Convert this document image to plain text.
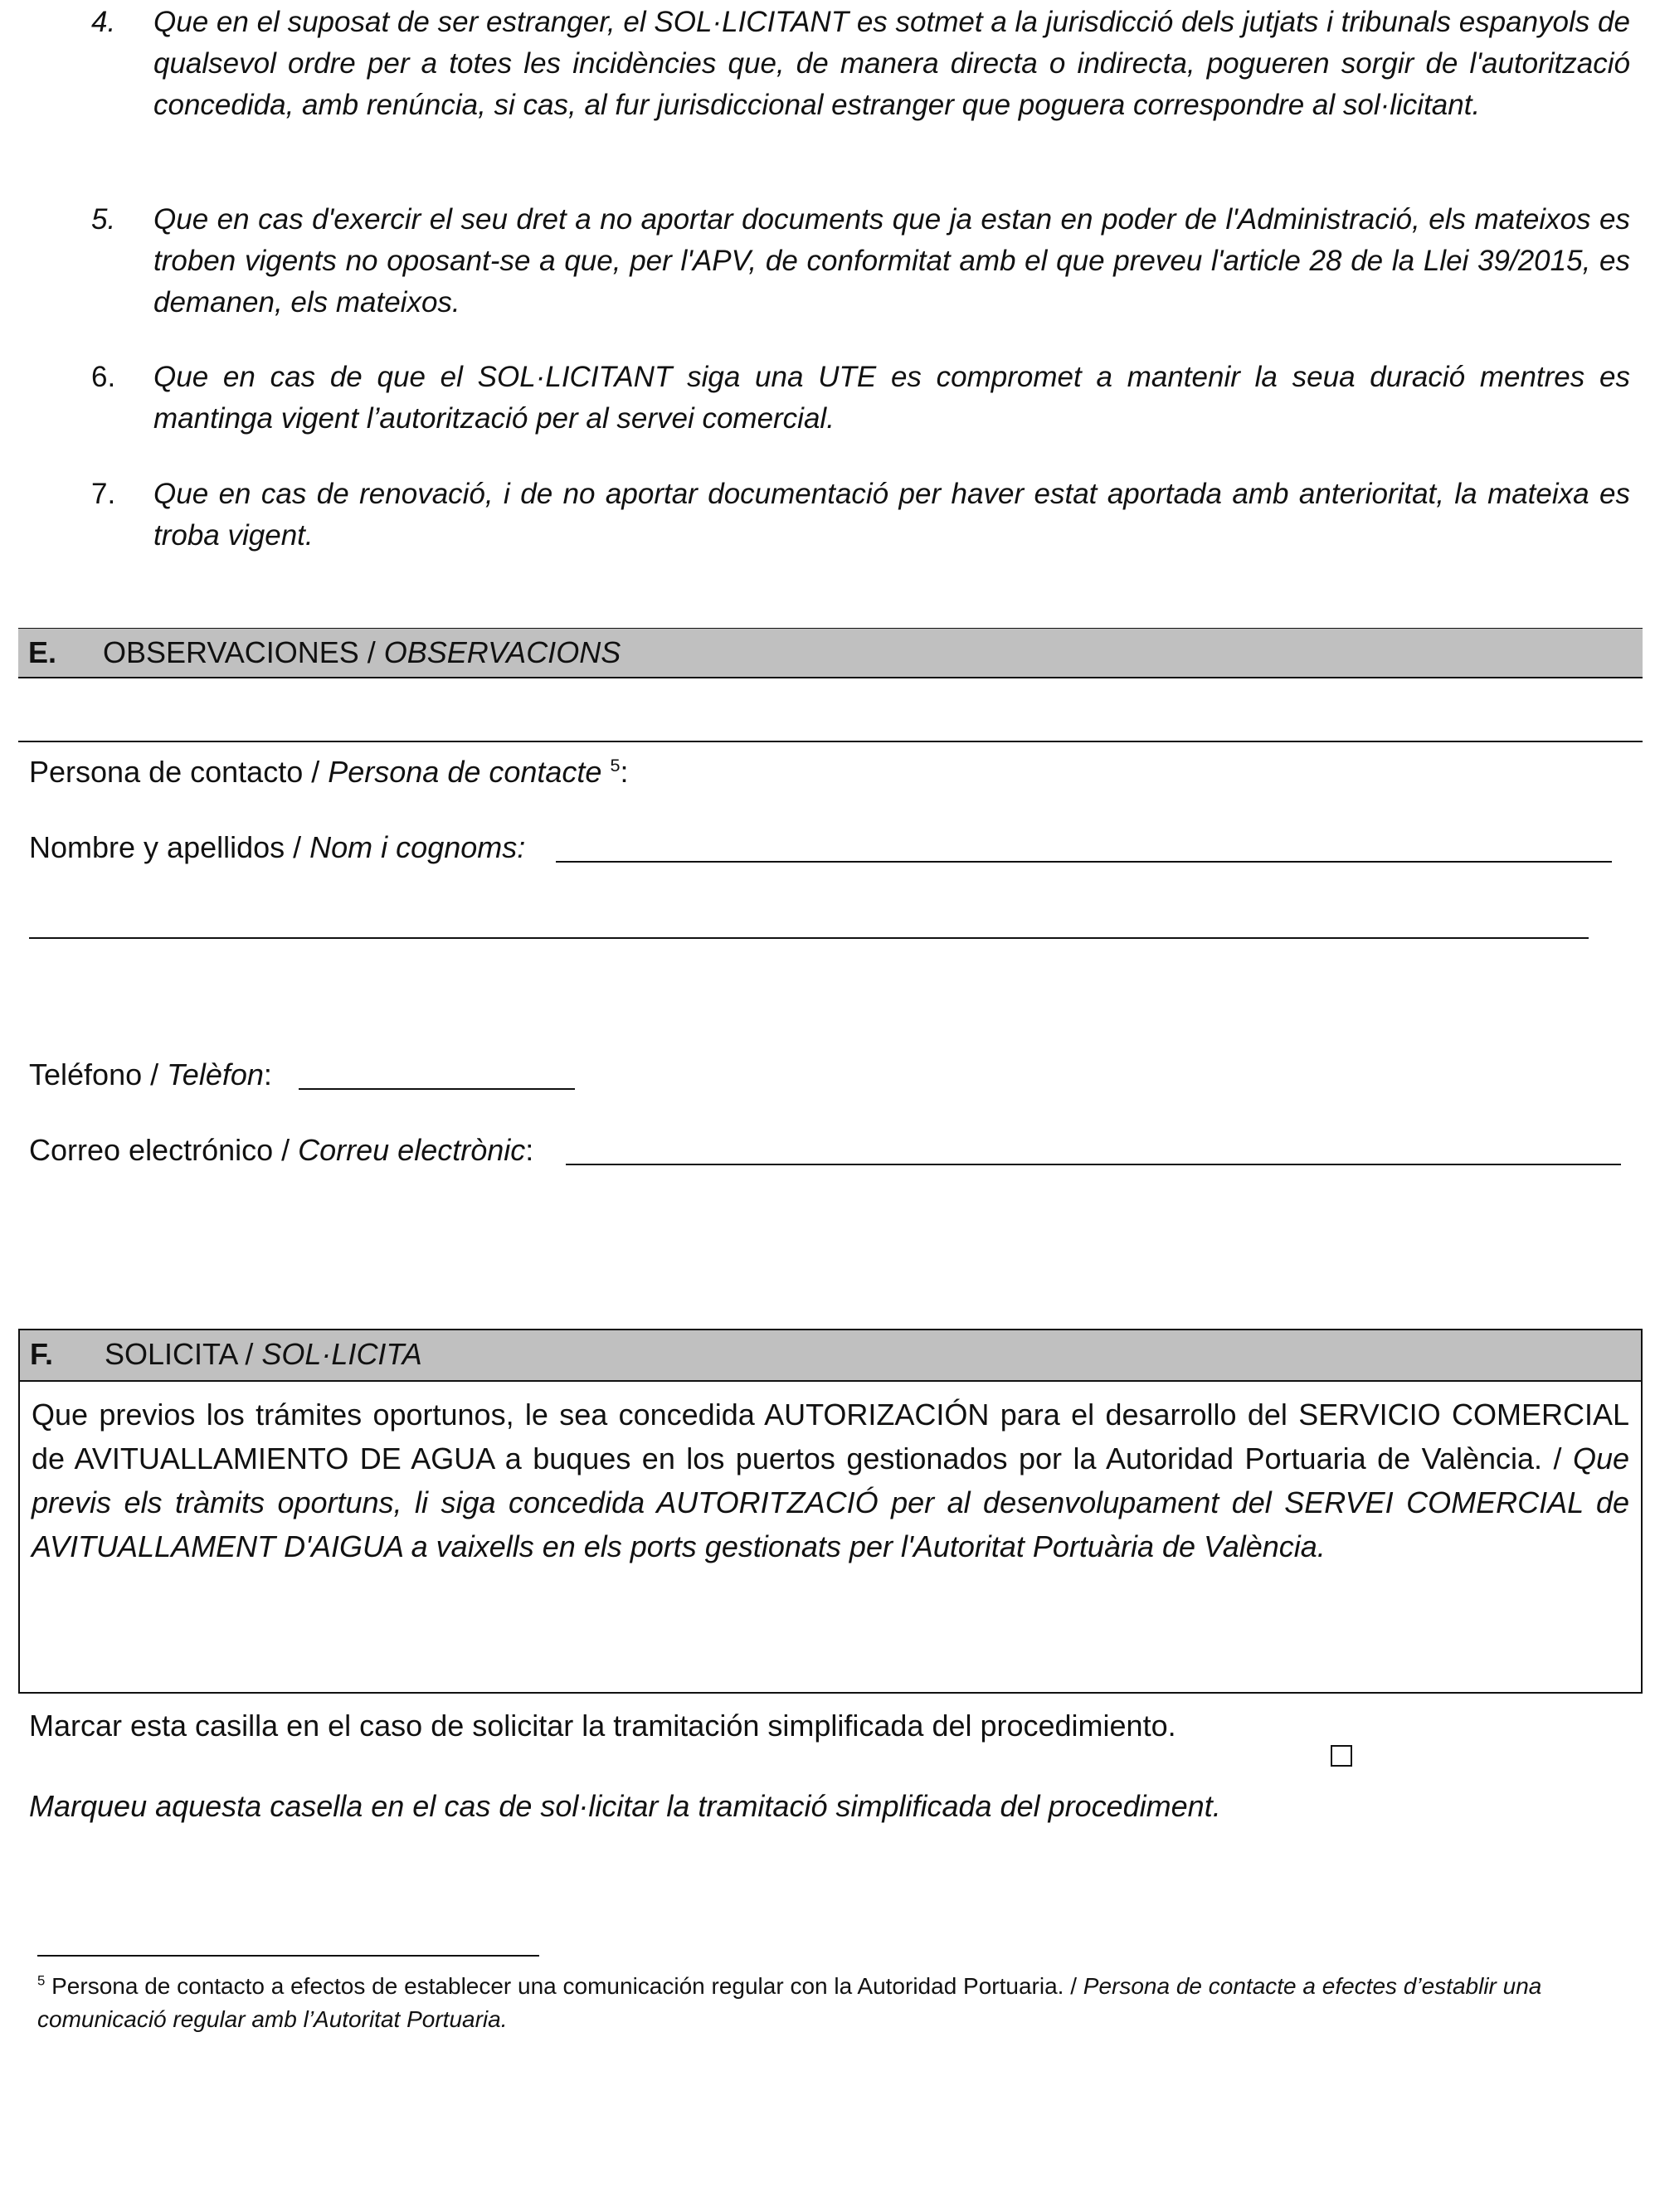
4. Que en el suposat de ser estranger, el SOL·LICITANT es sotmet a la jurisdicció dels jutjats i tribunals espanyols de qualsevol ordre per a totes les incidències que, de manera directa o indirecta, pogueren sorgir de l'autorització concedida, amb renúncia, si cas, al fur jurisdiccional estranger que poguera correspondre al sol·licitant.
5. Que en cas d'exercir el seu dret a no aportar documents que ja estan en poder de l'Administració, els mateixos es troben vigents no oposant-se a que, per l'APV, de conformitat amb el que preveu l'article 28 de la Llei 39/2015, es demanen, els mateixos.
6. Que en cas de que el SOL·LICITANT siga una UTE es compromet a mantenir la seua duració mentres es mantinga vigent l’autorització per al servei comercial.
7. Que en cas de renovació, i de no aportar documentació per haver estat aportada amb anterioritat, la mateixa es troba vigent.
E. OBSERVACIONES / OBSERVACIONS
Persona de contacto / Persona de contacte $^5$:
Nombre y apellidos / Nom i cognoms:
Teléfono / Telèfon:
Correo electrónico / Correu electrònic:
F. SOLICITA / SOL·LICITA
Que previos los trámites oportunos, le sea concedida AUTORIZACIÓN para el desarrollo del SERVICIO COMERCIAL de AVITUALLAMIENTO DE AGUA a buques en los puertos gestionados por la Autoridad Portuaria de València. / Que previs els tràmits oportuns, li siga concedida AUTORITZACIÓ per al desenvolupament del SERVEI COMERCIAL de AVITUALLAMENT D'AIGUA a vaixells en els ports gestionats per l'Autoritat Portuària de València.
Marcar esta casilla en el caso de solicitar la tramitación simplificada del procedimiento.
Marqueu aquesta casella en el cas de sol·licitar la tramitació simplificada del procediment.
$^5$ Persona de contacto a efectos de establecer una comunicación regular con la Autoridad Portuaria. / Persona de contacte a efectes d’establir una comunicació regular amb l’Autoritat Portuaria.
